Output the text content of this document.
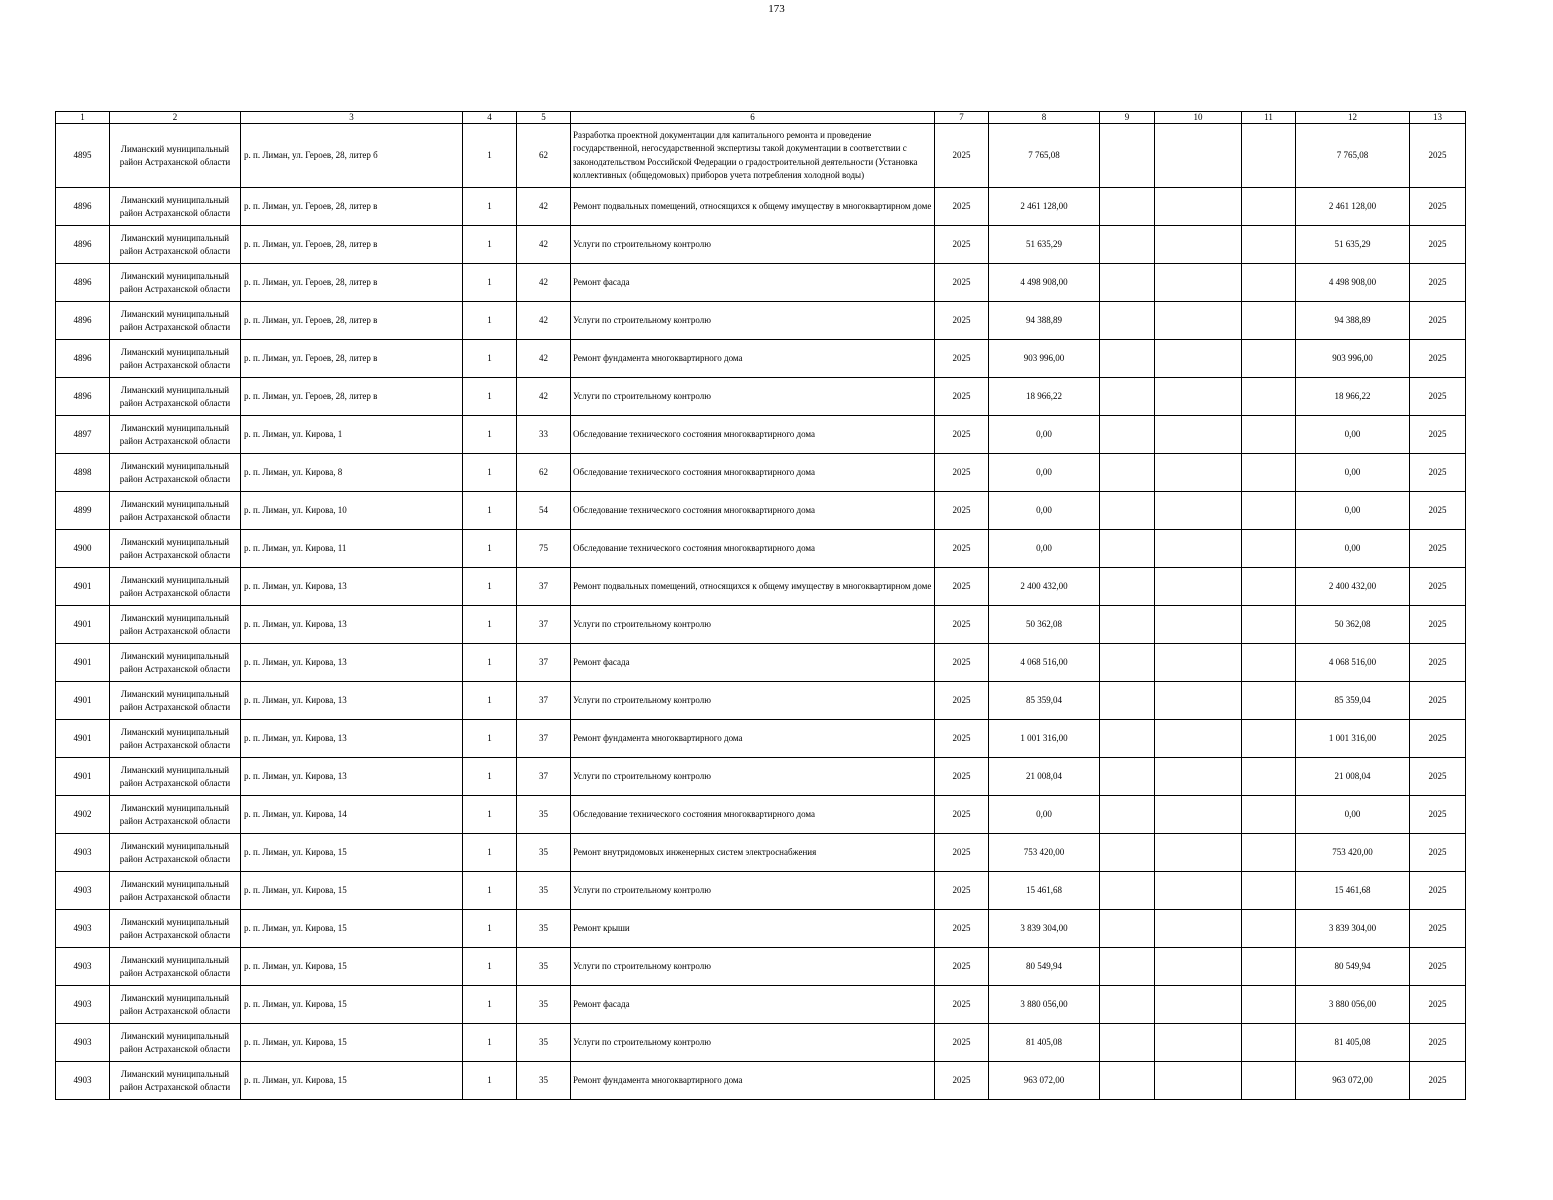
173
1	2	3	4	5	6	7	8	9	10	11	12	13
4895	Лиманский муниципальный район Астраханской области	р. п. Лиман, ул. Героев, 28, литер б	1	62	Разработка проектной документации для капитального ремонта и проведение государственной, негосударственной экспертизы такой документации в соответствии с законодательством Российской Федерации о градостроительной деятельности (Установка коллективных (общедомовых) приборов учета потребления холодной воды)	2025	7 765,08				7 765,08	2025
4896	Лиманский муниципальный район Астраханской области	р. п. Лиман, ул. Героев, 28, литер в	1	42	Ремонт подвальных помещений, относящихся к общему имуществу в многоквартирном доме	2025	2 461 128,00				2 461 128,00	2025
4896	Лиманский муниципальный район Астраханской области	р. п. Лиман, ул. Героев, 28, литер в	1	42	Услуги по строительному контролю	2025	51 635,29				51 635,29	2025
4896	Лиманский муниципальный район Астраханской области	р. п. Лиман, ул. Героев, 28, литер в	1	42	Ремонт фасада	2025	4 498 908,00				4 498 908,00	2025
4896	Лиманский муниципальный район Астраханской области	р. п. Лиман, ул. Героев, 28, литер в	1	42	Услуги по строительному контролю	2025	94 388,89				94 388,89	2025
4896	Лиманский муниципальный район Астраханской области	р. п. Лиман, ул. Героев, 28, литер в	1	42	Ремонт фундамента многоквартирного дома	2025	903 996,00				903 996,00	2025
4896	Лиманский муниципальный район Астраханской области	р. п. Лиман, ул. Героев, 28, литер в	1	42	Услуги по строительному контролю	2025	18 966,22				18 966,22	2025
4897	Лиманский муниципальный район Астраханской области	р. п. Лиман, ул. Кирова, 1	1	33	Обследование технического состояния многоквартирного дома	2025	0,00				0,00	2025
4898	Лиманский муниципальный район Астраханской области	р. п. Лиман, ул. Кирова, 8	1	62	Обследование технического состояния многоквартирного дома	2025	0,00				0,00	2025
4899	Лиманский муниципальный район Астраханской области	р. п. Лиман, ул. Кирова, 10	1	54	Обследование технического состояния многоквартирного дома	2025	0,00				0,00	2025
4900	Лиманский муниципальный район Астраханской области	р. п. Лиман, ул. Кирова, 11	1	75	Обследование технического состояния многоквартирного дома	2025	0,00				0,00	2025
4901	Лиманский муниципальный район Астраханской области	р. п. Лиман, ул. Кирова, 13	1	37	Ремонт подвальных помещений, относящихся к общему имуществу в многоквартирном доме	2025	2 400 432,00				2 400 432,00	2025
4901	Лиманский муниципальный район Астраханской области	р. п. Лиман, ул. Кирова, 13	1	37	Услуги по строительному контролю	2025	50 362,08				50 362,08	2025
4901	Лиманский муниципальный район Астраханской области	р. п. Лиман, ул. Кирова, 13	1	37	Ремонт фасада	2025	4 068 516,00				4 068 516,00	2025
4901	Лиманский муниципальный район Астраханской области	р. п. Лиман, ул. Кирова, 13	1	37	Услуги по строительному контролю	2025	85 359,04				85 359,04	2025
4901	Лиманский муниципальный район Астраханской области	р. п. Лиман, ул. Кирова, 13	1	37	Ремонт фундамента многоквартирного дома	2025	1 001 316,00				1 001 316,00	2025
4901	Лиманский муниципальный район Астраханской области	р. п. Лиман, ул. Кирова, 13	1	37	Услуги по строительному контролю	2025	21 008,04				21 008,04	2025
4902	Лиманский муниципальный район Астраханской области	р. п. Лиман, ул. Кирова, 14	1	35	Обследование технического состояния многоквартирного дома	2025	0,00				0,00	2025
4903	Лиманский муниципальный район Астраханской области	р. п. Лиман, ул. Кирова, 15	1	35	Ремонт внутридомовых инженерных систем электроснабжения	2025	753 420,00				753 420,00	2025
4903	Лиманский муниципальный район Астраханской области	р. п. Лиман, ул. Кирова, 15	1	35	Услуги по строительному контролю	2025	15 461,68				15 461,68	2025
4903	Лиманский муниципальный район Астраханской области	р. п. Лиман, ул. Кирова, 15	1	35	Ремонт крыши	2025	3 839 304,00				3 839 304,00	2025
4903	Лиманский муниципальный район Астраханской области	р. п. Лиман, ул. Кирова, 15	1	35	Услуги по строительному контролю	2025	80 549,94				80 549,94	2025
4903	Лиманский муниципальный район Астраханской области	р. п. Лиман, ул. Кирова, 15	1	35	Ремонт фасада	2025	3 880 056,00				3 880 056,00	2025
4903	Лиманский муниципальный район Астраханской области	р. п. Лиман, ул. Кирова, 15	1	35	Услуги по строительному контролю	2025	81 405,08				81 405,08	2025
4903	Лиманский муниципальный район Астраханской области	р. п. Лиман, ул. Кирова, 15	1	35	Ремонт фундамента многоквартирного дома	2025	963 072,00				963 072,00	2025
